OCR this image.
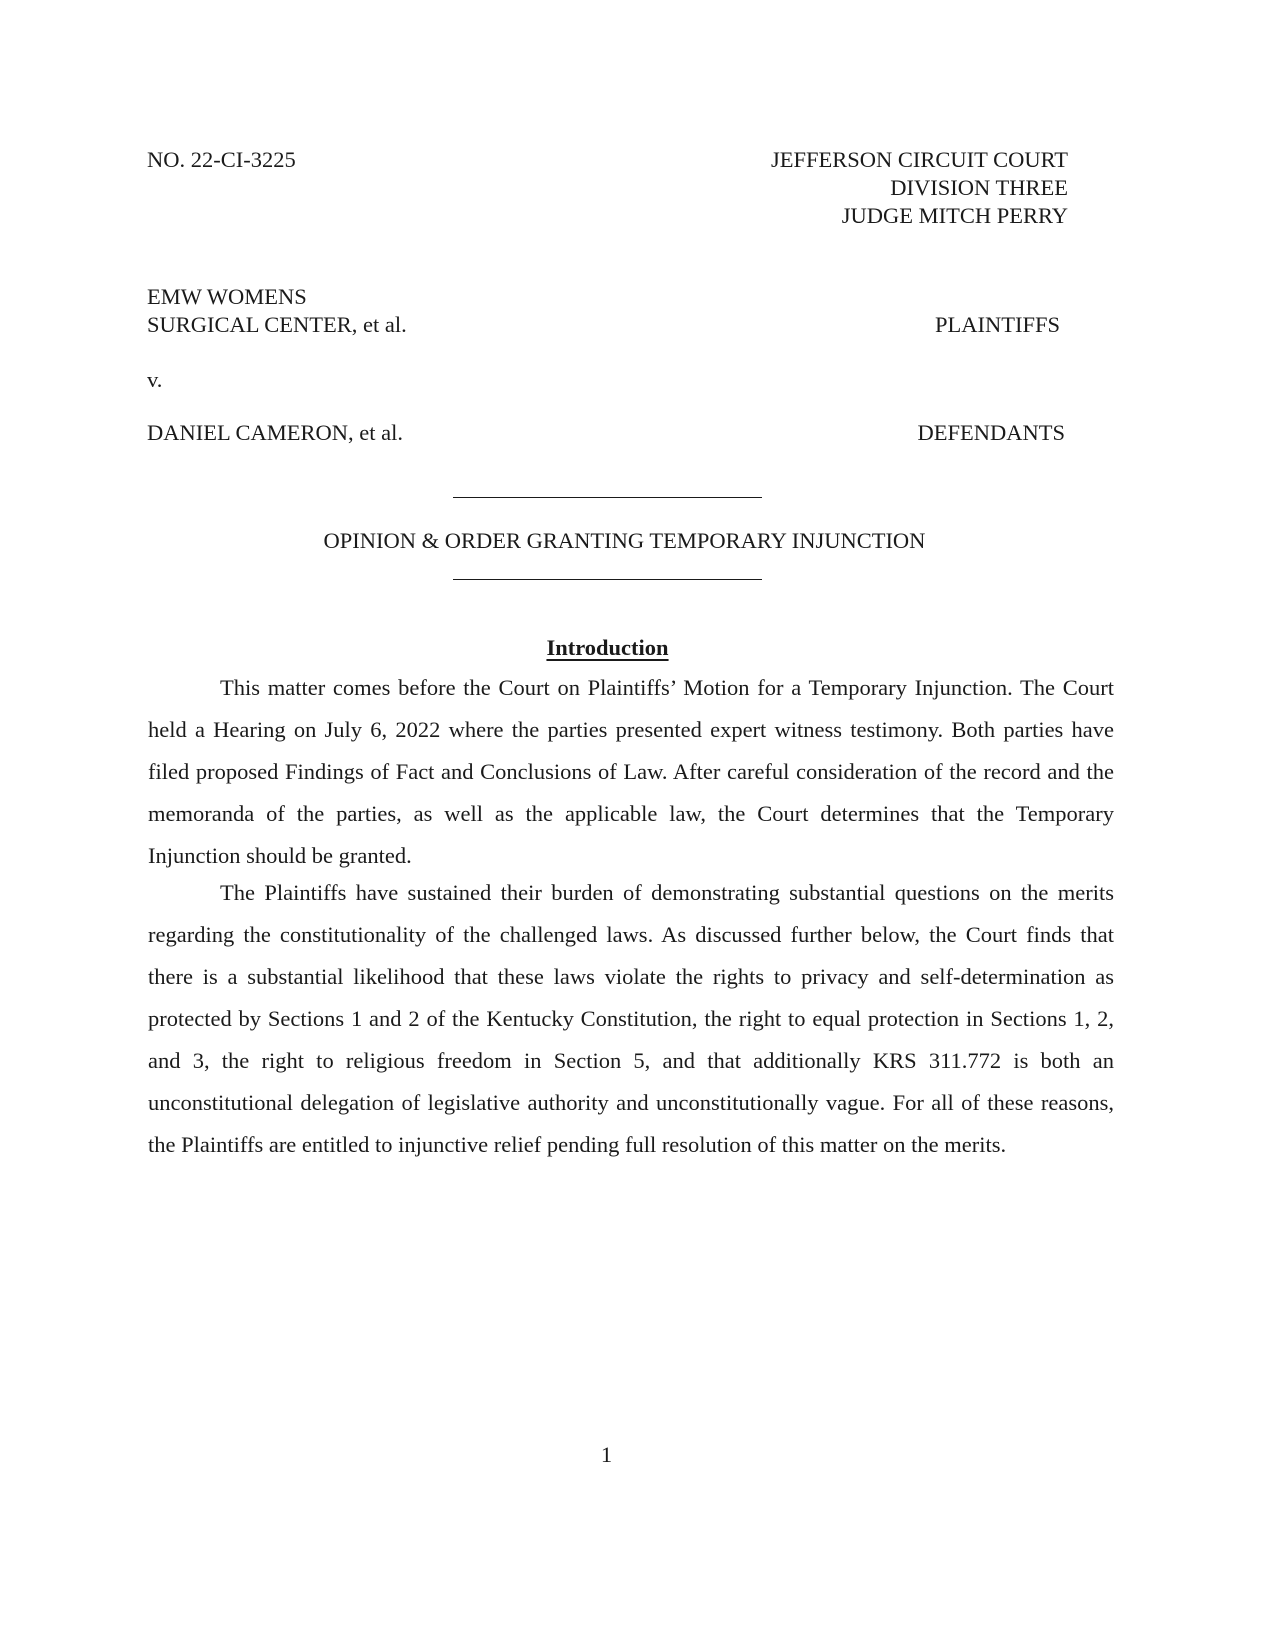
NO. 22-CI-3225	JEFFERSON CIRCUIT COURT
DIVISION THREE
JUDGE MITCH PERRY
EMW WOMENS
SURGICAL CENTER, et al.	PLAINTIFFS
v.
DANIEL CAMERON, et al.	DEFENDANTS
OPINION & ORDER GRANTING TEMPORARY INJUNCTION
Introduction

This matter comes before the Court on Plaintiffs’ Motion for a Temporary Injunction. The Court held a Hearing on July 6, 2022 where the parties presented expert witness testimony. Both parties have filed proposed Findings of Fact and Conclusions of Law. After careful consideration of the record and the memoranda of the parties, as well as the applicable law, the Court determines that the Temporary Injunction should be granted.

The Plaintiffs have sustained their burden of demonstrating substantial questions on the merits regarding the constitutionality of the challenged laws. As discussed further below, the Court finds that there is a substantial likelihood that these laws violate the rights to privacy and self-determination as protected by Sections 1 and 2 of the Kentucky Constitution, the right to equal protection in Sections 1, 2, and 3, the right to religious freedom in Section 5, and that additionally KRS 311.772 is both an unconstitutional delegation of legislative authority and unconstitutionally vague. For all of these reasons, the Plaintiffs are entitled to injunctive relief pending full resolution of this matter on the merits.

1
